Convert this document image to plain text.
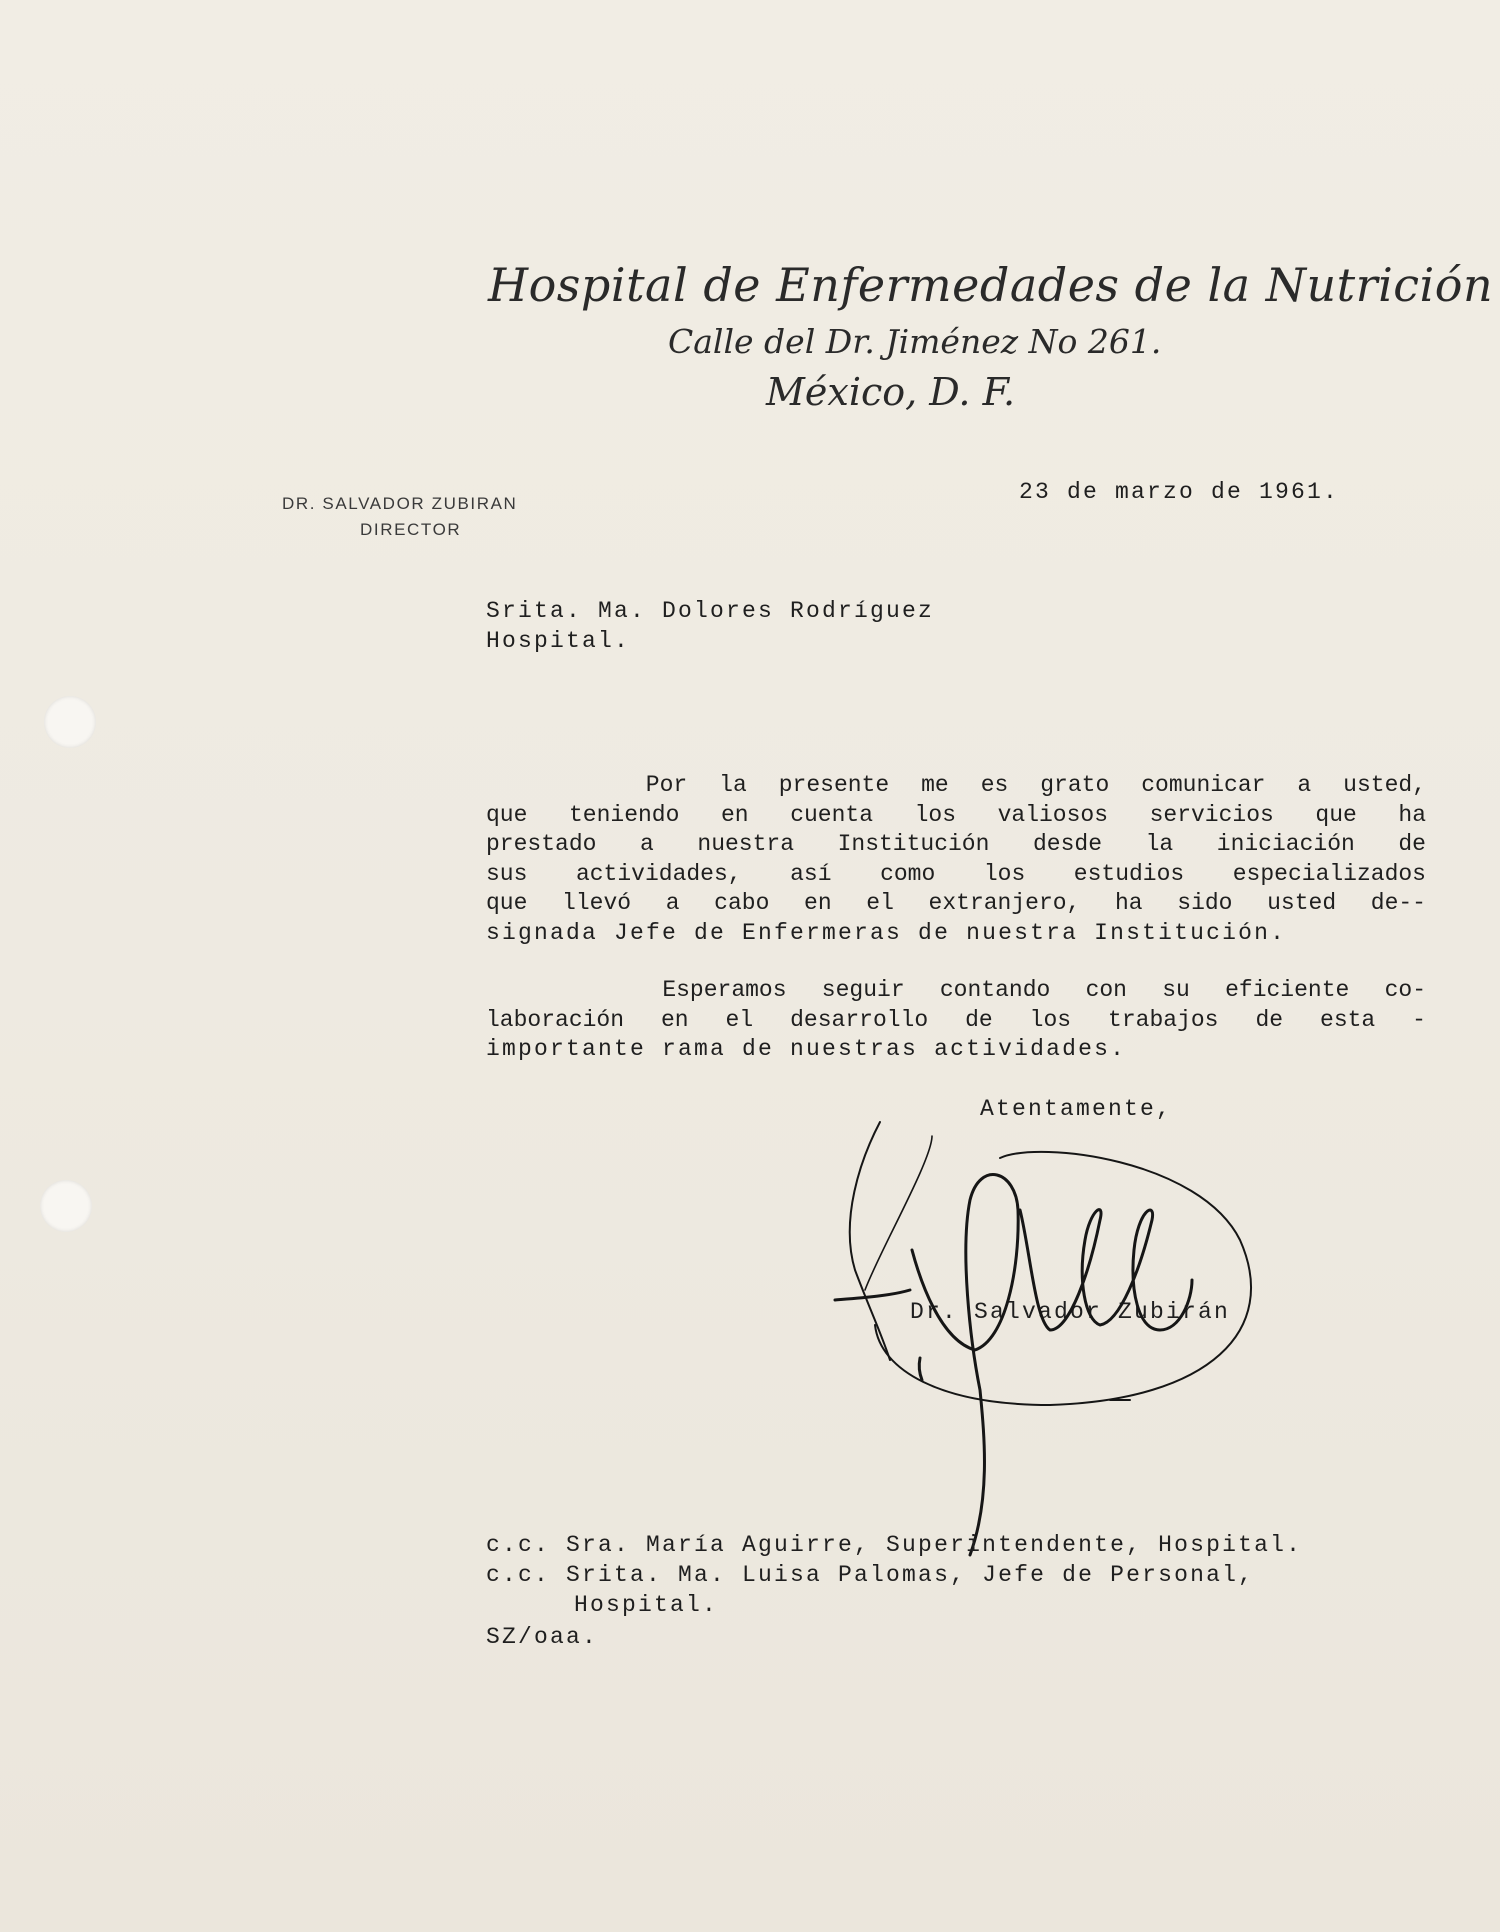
Hospital de Enfermedades de la Nutrición
Calle del Dr. Jiménez No 261.
México, D. F.
DR. SALVADOR ZUBIRAN
DIRECTOR
23 de marzo de 1961.
Srita. Ma. Dolores Rodríguez
Hospital.
Por la presente me es grato comunicar a usted,
que teniendo en cuenta los valiosos servicios que ha
prestado a nuestra Institución desde la iniciación de
sus actividades, así como los estudios especializados
que llevó a cabo en el extranjero, ha sido usted de--
signada Jefe de Enfermeras de nuestra Institución.
Esperamos seguir contando con su eficiente co-
laboración en el desarrollo de los trabajos de esta -
importante rama de nuestras actividades.
Atentamente,
Dr. Salvador Zubirán
c.c. Sra. María Aguirre, Superintendente, Hospital.
c.c. Srita. Ma. Luisa Palomas, Jefe de Personal,
Hospital.
SZ/oaa.
